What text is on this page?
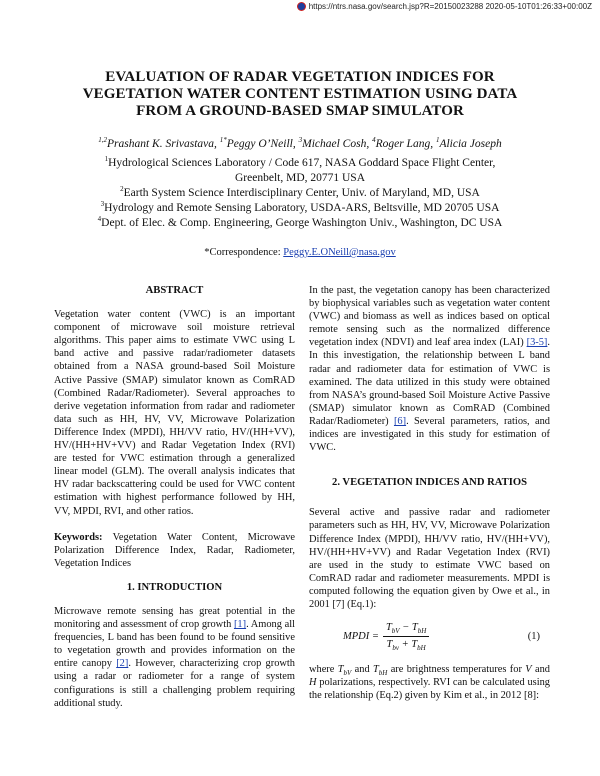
https://ntrs.nasa.gov/search.jsp?R=20150023288 2020-05-10T01:26:33+00:00Z
EVALUATION OF RADAR VEGETATION INDICES FOR
VEGETATION WATER CONTENT ESTIMATION USING DATA
FROM A GROUND-BASED SMAP SIMULATOR
$^{1,2}$Prashant K. Srivastava, $^{1*}$Peggy O’Neill, $^3$Michael Cosh, $^4$Roger Lang, $^1$Alicia Joseph
$^1$Hydrological Sciences Laboratory / Code 617, NASA Goddard Space Flight Center,
Greenbelt, MD, 20771 USA
$^2$Earth System Science Interdisciplinary Center, Univ. of Maryland, MD, USA
$^3$Hydrology and Remote Sensing Laboratory, USDA-ARS, Beltsville, MD 20705 USA
$^4$Dept. of Elec. & Comp. Engineering, George Washington Univ., Washington, DC USA
*Correspondence: Peggy.E.ONeill@nasa.gov
ABSTRACT

Vegetation water content (VWC) is an important component of microwave soil moisture retrieval algorithms. This paper aims to estimate VWC using L band active and passive radar/radiometer datasets obtained from a NASA ground-based Soil Moisture Active Passive (SMAP) simulator known as ComRAD (Combined Radar/Radiometer). Several approaches to derive vegetation information from radar and radiometer data such as HH, HV, VV, Microwave Polarization Difference Index (MPDI), HH/VV ratio, HV/(HH+VV), HV/(HH+HV+VV) and Radar Vegetation Index (RVI) are tested for VWC estimation through a generalized linear model (GLM). The overall analysis indicates that HV radar backscattering could be used for VWC content estimation with highest performance followed by HH, VV, MPDI, RVI, and other ratios.

Keywords: Vegetation Water Content, Microwave Polarization Difference Index, Radar, Radiometer, Vegetation Indices

1. INTRODUCTION

Microwave remote sensing has great potential in the monitoring and assessment of crop growth [1]. Among all frequencies, L band has been found to be found sensitive to vegetation growth and provides information on the entire canopy [2]. However, characterizing crop growth using a radar or radiometer for a range of system configurations is still a challenging problem requiring additional study.

In the past, the vegetation canopy has been characterized by biophysical variables such as vegetation water content (VWC) and biomass as well as indices based on optical remote sensing such as the normalized difference vegetation index (NDVI) and leaf area index (LAI) [3-5]. In this investigation, the relationship between L band radar and radiometer data for estimation of VWC is examined. The data utilized in this study were obtained from NASA’s ground-based Soil Moisture Active Passive (SMAP) simulator known as ComRAD (Combined Radar/Radiometer) [6]. Several parameters, ratios, and indices are investigated in this study for estimation of VWC.

2. VEGETATION INDICES AND RATIOS

Several active and passive radar and radiometer parameters such as HH, HV, VV, Microwave Polarization Difference Index (MPDI), HH/VV ratio, HV/(HH+VV), HV/(HH+HV+VV) and Radar Vegetation Index (RVI) are used in the study to estimate VWC based on ComRAD radar and radiometer measurements. MPDI is computed following the equation given by Owe et al., in 2001 [7] (Eq.1):

MPDI = $\frac{T_{bV} - T_{bH}}{T_{bv} + T_{bH}}$	(1)

where $T_{bV}$ and $T_{bH}$ are brightness temperatures for V and H polarizations, respectively. RVI can be calculated using the relationship (Eq.2) given by Kim et al., in 2012 [8]:
